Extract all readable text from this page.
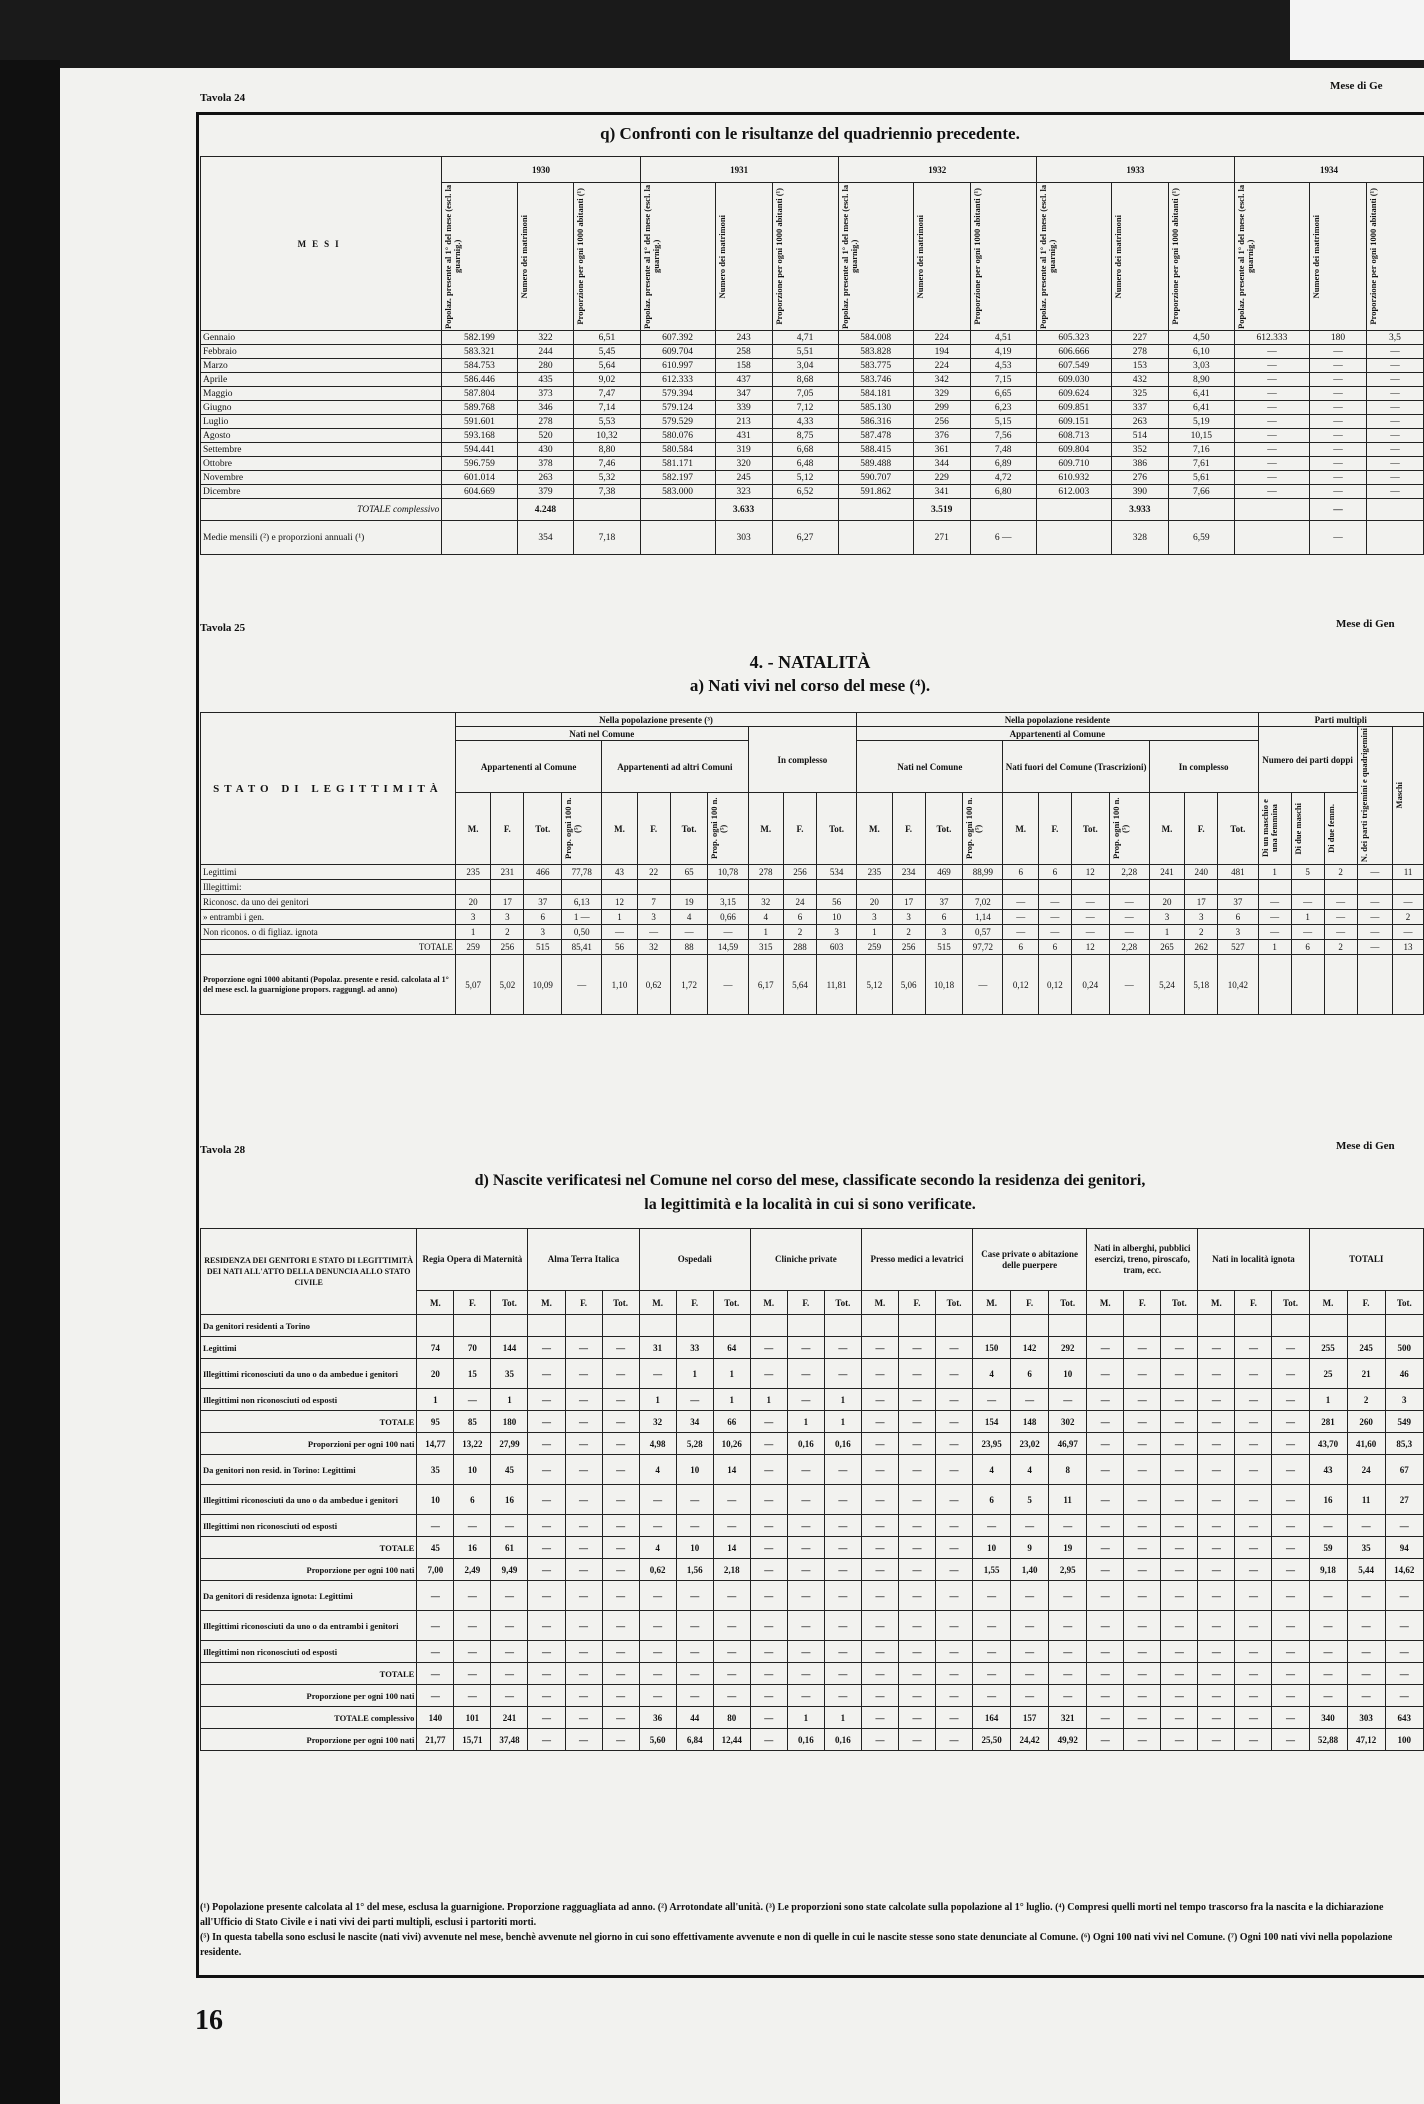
Tavola 24
Mese di Ge
q) Confronti con le risultanze del quadriennio precedente.
MESI	1930			1931			1932			1933			1934		

	Popolaz. presente al 1° del mese (escl. la guarnig.)	Numero dei matrimoni	Proporzione per ogni 1000 abitanti (¹)	Popolaz. presente al 1° del mese (escl. la guarnig.)	Numero dei matrimoni	Proporzione per ogni 1000 abitanti (¹)	Popolaz. presente al 1° del mese (escl. la guarnig.)	Numero dei matrimoni	Proporzione per ogni 1000 abitanti (¹)	Popolaz. presente al 1° del mese (escl. la guarnig.)	Numero dei matrimoni	Proporzione per ogni 1000 abitanti (¹)	Popolaz. presente al 1° del mese (escl. la guarnig.)	Numero dei matrimoni	Proporzione per ogni 1000 abitanti (¹)

Gennaio	582.199	322	6,51	607.392	243	4,71	584.008	224	4,51	605.323	227	4,50	612.333	180	3,5
Febbraio	583.321	244	5,45	609.704	258	5,51	583.828	194	4,19	606.666	278	6,10	—	—	—
Marzo	584.753	280	5,64	610.997	158	3,04	583.775	224	4,53	607.549	153	3,03	—	—	—
Aprile	586.446	435	9,02	612.333	437	8,68	583.746	342	7,15	609.030	432	8,90	—	—	—
Maggio	587.804	373	7,47	579.394	347	7,05	584.181	329	6,65	609.624	325	6,41	—	—	—
Giugno	589.768	346	7,14	579.124	339	7,12	585.130	299	6,23	609.851	337	6,41	—	—	—
Luglio	591.601	278	5,53	579.529	213	4,33	586.316	256	5,15	609.151	263	5,19	—	—	—
Agosto	593.168	520	10,32	580.076	431	8,75	587.478	376	7,56	608.713	514	10,15	—	—	—
Settembre	594.441	430	8,80	580.584	319	6,68	588.415	361	7,48	609.804	352	7,16	—	—	—
Ottobre	596.759	378	7,46	581.171	320	6,48	589.488	344	6,89	609.710	386	7,61	—	—	—
Novembre	601.014	263	5,32	582.197	245	5,12	590.707	229	4,72	610.932	276	5,61	—	—	—
Dicembre	604.669	379	7,38	583.000	323	6,52	591.862	341	6,80	612.003	390	7,66	—	—	—
TOTALE complessivo		4.248			3.633			3.519			3.933			—	
Medie mensili (²) e proporzioni annuali (¹)		354	7,18		303	6,27		271	6 —		328	6,59		—	
Tavola 25	Mese di Gen
4. - NATALITÀ
a) Nati vivi nel corso del mese (⁴).
STATO DI LEGITTIMITÀ	Nella popolazione presente (³)											Nella popolazione residente											Parti multipli				
	Nati nel Comune								In complesso			Appartenenti al Comune											Numero dei parti doppi			N. dei parti trigemini e quadrigemini	Maschi

	Appartenenti al Comune				Appartenenti ad altri Comuni							Nati nel Comune				Nati fuori del Comune (Trascrizioni)				In complesso							
	M.	F.	Tot.	Prop. ogni 100 n. (⁵)	M.	F.	Tot.	Prop. ogni 100 n. (⁵)	M.	F.	Tot.	M.	F.	Tot.	Prop. ogni 100 n. (⁵)	M.	F.	Tot.	Prop. ogni 100 n. (⁵)	M.	F.	Tot.	Di un maschio e una femmina	Di due maschi	Di due femm.		

Legittimi	235	231	466	77,78	43	22	65	10,78	278	256	534	235	234	469	88,99	6	6	12	2,28	241	240	481	1	5	2	—	11
Illegittimi:																											
Riconosc. da uno dei genitori	20	17	37	6,13	12	7	19	3,15	32	24	56	20	17	37	7,02	—	—	—	—	20	17	37	—	—	—	—	—
» entrambi i gen.	3	3	6	1 —	1	3	4	0,66	4	6	10	3	3	6	1,14	—	—	—	—	3	3	6	—	1	—	—	2
Non riconos. o di figliaz. ignota	1	2	3	0,50	—	—	—	—	1	2	3	1	2	3	0,57	—	—	—	—	1	2	3	—	—	—	—	—
TOTALE	259	256	515	85,41	56	32	88	14,59	315	288	603	259	256	515	97,72	6	6	12	2,28	265	262	527	1	6	2	—	13
Proporzione ogni 1000 abitanti (Popolaz. presente e resid. calcolata al 1° del mese escl. la guarnigione propors. raggungl. ad anno)	5,07	5,02	10,09	—	1,10	0,62	1,72	—	6,17	5,64	11,81	5,12	5,06	10,18	—	0,12	0,12	0,24	—	5,24	5,18	10,42					
Tavola 28	Mese di Gen
d) Nascite verificatesi nel Comune nel corso del mese, classificate secondo la residenza dei genitori,
la legittimità e la località in cui si sono verificate.
RESIDENZA DEI GENITORI E STATO DI LEGITTIMITÀ DEI NATI ALL'ATTO DELLA DENUNCIA ALLO STATO CIVILE	Regia Opera di Maternità			Alma Terra Italica			Ospedali			Cliniche private			Presso medici a levatrici			Case private o abitazione delle puerpere			Nati in alberghi, pubblici esercizi, treno, piroscafo, tram, ecc.			Nati in località ignota			TOTALI		
	M.	F.	Tot.	M.	F.	Tot.	M.	F.	Tot.	M.	F.	Tot.	M.	F.	Tot.	M.	F.	Tot.	M.	F.	Tot.	M.	F.	Tot.	M.	F.	Tot.
Da genitori residenti a Torino																											
Legittimi	74	70	144	—	—	—	31	33	64	—	—	—	—	—	—	150	142	292	—	—	—	—	—	—	255	245	500
Illegittimi riconosciuti da uno o da ambedue i genitori	20	15	35	—	—	—	—	1	1	—	—	—	—	—	—	4	6	10	—	—	—	—	—	—	25	21	46
Illegittimi non riconosciuti od esposti	1	—	1	—	—	—	1	—	1	1	—	1	—	—	—	—	—	—	—	—	—	—	—	—	1	2	3
TOTALE	95	85	180	—	—	—	32	34	66	—	1	1	—	—	—	154	148	302	—	—	—	—	—	—	281	260	549
Proporzioni per ogni 100 nati	14,77	13,22	27,99	—	—	—	4,98	5,28	10,26	—	0,16	0,16	—	—	—	23,95	23,02	46,97	—	—	—	—	—	—	43,70	41,60	85,3
Da genitori non resid. in Torino: Legittimi	35	10	45	—	—	—	4	10	14	—	—	—	—	—	—	4	4	8	—	—	—	—	—	—	43	24	67
Illegittimi riconosciuti da uno o da ambedue i genitori	10	6	16	—	—	—	—	—	—	—	—	—	—	—	—	6	5	11	—	—	—	—	—	—	16	11	27
Illegittimi non riconosciuti od esposti	—	—	—	—	—	—	—	—	—	—	—	—	—	—	—	—	—	—	—	—	—	—	—	—	—	—	—
TOTALE	45	16	61	—	—	—	4	10	14	—	—	—	—	—	—	10	9	19	—	—	—	—	—	—	59	35	94
Proporzione per ogni 100 nati	7,00	2,49	9,49	—	—	—	0,62	1,56	2,18	—	—	—	—	—	—	1,55	1,40	2,95	—	—	—	—	—	—	9,18	5,44	14,62
Da genitori di residenza ignota: Legittimi	—	—	—	—	—	—	—	—	—	—	—	—	—	—	—	—	—	—	—	—	—	—	—	—	—	—	—
Illegittimi riconosciuti da uno o da entrambi i genitori	—	—	—	—	—	—	—	—	—	—	—	—	—	—	—	—	—	—	—	—	—	—	—	—	—	—	—
Illegittimi non riconosciuti od esposti	—	—	—	—	—	—	—	—	—	—	—	—	—	—	—	—	—	—	—	—	—	—	—	—	—	—	—
TOTALE	—	—	—	—	—	—	—	—	—	—	—	—	—	—	—	—	—	—	—	—	—	—	—	—	—	—	—
Proporzione per ogni 100 nati	—	—	—	—	—	—	—	—	—	—	—	—	—	—	—	—	—	—	—	—	—	—	—	—	—	—	—
TOTALE complessivo	140	101	241	—	—	—	36	44	80	—	1	1	—	—	—	164	157	321	—	—	—	—	—	—	340	303	643
Proporzione per ogni 100 nati	21,77	15,71	37,48	—	—	—	5,60	6,84	12,44	—	0,16	0,16	—	—	—	25,50	24,42	49,92	—	—	—	—	—	—	52,88	47,12	100
(¹) Popolazione presente calcolata al 1° del mese, esclusa la guarnigione. Proporzione ragguagliata ad anno. (²) Arrotondate all'unità. (³) Le proporzioni sono state calcolate sulla popolazione al 1° luglio. (⁴) Compresi quelli morti nel tempo trascorso fra la nascita e la dichiarazione all'Ufficio di Stato Civile e i nati vivi dei parti multipli, esclusi i partoriti morti.
(⁵) In questa tabella sono esclusi le nascite (nati vivi) avvenute nel mese, benchè avvenute nel giorno in cui sono effettivamente avvenute e non di quelle in cui le nascite stesse sono state denunciate al Comune. (⁶) Ogni 100 nati vivi nel Comune. (⁷) Ogni 100 nati vivi nella popolazione residente.
16
